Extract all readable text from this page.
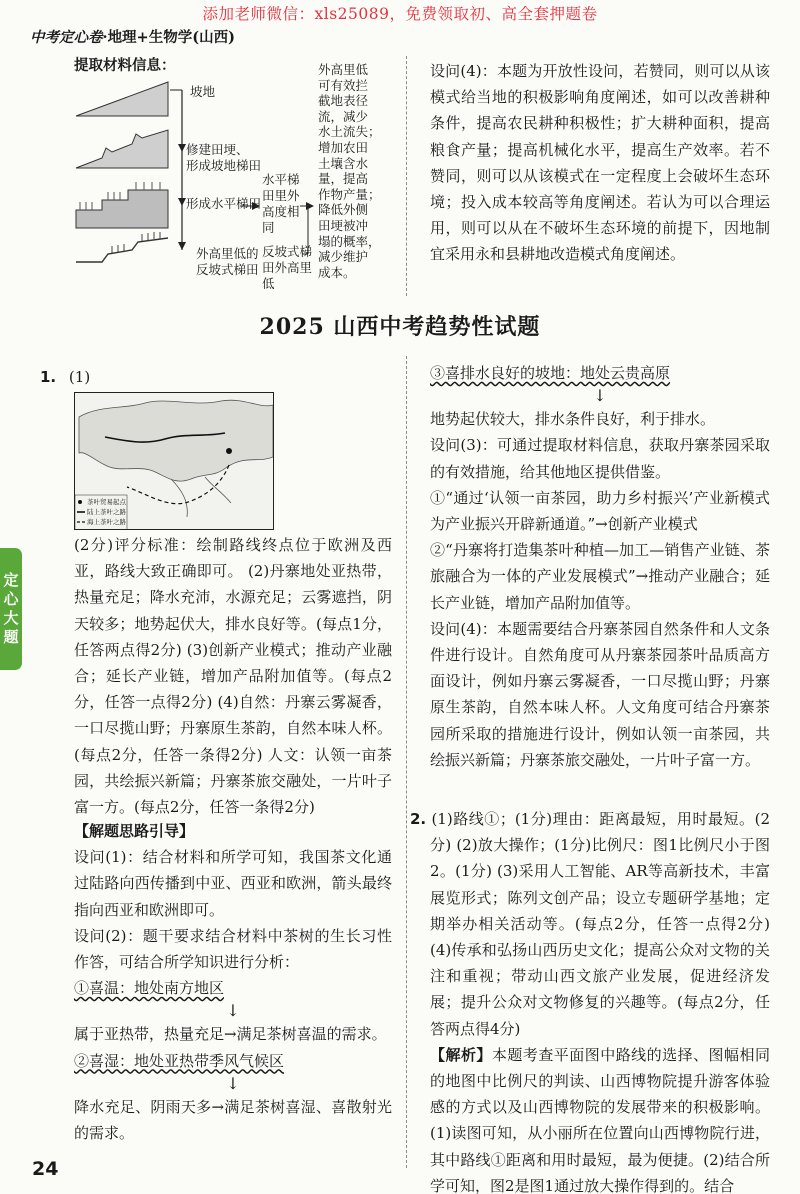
添加老师微信：xls25089，免费领取初、高全套押题卷
中考定心卷·地理+生物学(山西)
提取材料信息：
坡地
修建田埂、
形成坡地梯田
形成水平梯田
外高里低的
反坡式梯田
水平梯
田里外
高度相
同
反坡式梯
田外高里
低
外高里低
可有效拦
截地表径
流，减少
水土流失；
增加农田
土壤含水
量，提高
作物产量；
降低外侧
田埂被冲
塌的概率，
减少维护
成本。
设问(4)：本题为开放性设问，若赞同，则可以从该模式给当地的积极影响角度阐述，如可以改善耕种条件，提高农民耕种积极性；扩大耕种面积，提高粮食产量；提高机械化水平，提高生产效率。若不赞同，则可以从该模式在一定程度上会破坏生态环境；投入成本较高等角度阐述。若认为可以合理运用，则可以从在不破坏生态环境的前提下，因地制宜采用永和县耕地改造模式角度阐述。
2025 山西中考趋势性试题
定
心
大
题
1. (1)
茶叶贸易起点
陆上茶叶之路
海上茶叶之路
(2分)评分标准：绘制路线终点位于欧洲及西亚，路线大致正确即可。 (2)丹寨地处亚热带，热量充足；降水充沛，水源充足；云雾遮挡，阴天较多；地势起伏大，排水良好等。(每点1分，任答两点得2分) (3)创新产业模式；推动产业融合；延长产业链，增加产品附加值等。(每点2分，任答一点得2分) (4)自然：丹寨云雾凝香，一口尽揽山野；丹寨原生茶韵，自然本味人杯。(每点2分，任答一条得2分) 人文：认领一亩茶园，共绘振兴新篇；丹寨茶旅交融处，一片叶子富一方。(每点2分，任答一条得2分)

【解题思路引导】

设问(1)：结合材料和所学可知，我国茶文化通过陆路向西传播到中亚、西亚和欧洲，箭头最终指向西亚和欧洲即可。

设问(2)：题干要求结合材料中茶树的生长习性作答，可结合所学知识进行分析：

①喜温：地处南方地区

↓

属于亚热带，热量充足→满足茶树喜温的需求。

②喜湿：地处亚热带季风气候区

↓

降水充足、阴雨天多→满足茶树喜湿、喜散射光的需求。

③喜排水良好的坡地：地处云贵高原

↓

地势起伏较大，排水条件良好，利于排水。

设问(3)：可通过提取材料信息，获取丹寨茶园采取的有效措施，给其他地区提供借鉴。

①“通过‘认领一亩茶园，助力乡村振兴’产业新模式为产业振兴开辟新通道。”→创新产业模式

②“丹寨将打造集茶叶种植—加工—销售产业链、茶旅融合为一体的产业发展模式”→推动产业融合；延长产业链，增加产品附加值等。

设问(4)：本题需要结合丹寨茶园自然条件和人文条件进行设计。自然角度可从丹寨茶园茶叶品质高方面设计，例如丹寨云雾凝香，一口尽揽山野；丹寨原生茶韵，自然本味人杯。人文角度可结合丹寨茶园所采取的措施进行设计，例如认领一亩茶园，共绘振兴新篇；丹寨茶旅交融处，一片叶子富一方。

2. (1)路线①；(1分)理由：距离最短，用时最短。(2分) (2)放大操作；(1分)比例尺：图1比例尺小于图2。(1分) (3)采用人工智能、AR等高新技术，丰富展览形式；陈列文创产品；设立专题研学基地；定期举办相关活动等。(每点2分，任答一点得2分) (4)传承和弘扬山西历史文化；提高公众对文物的关注和重视；带动山西文旅产业发展，促进经济发展；提升公众对文物修复的兴趣等。(每点2分，任答两点得4分)

【解析】本题考查平面图中路线的选择、图幅相同的地图中比例尺的判读、山西博物院提升游客体验感的方式以及山西博物院的发展带来的积极影响。(1)读图可知，从小丽所在位置向山西博物院行进，其中路线①距离和用时最短，最为便捷。(2)结合所学可知，图2是图1通过放大操作得到的。结合

24
